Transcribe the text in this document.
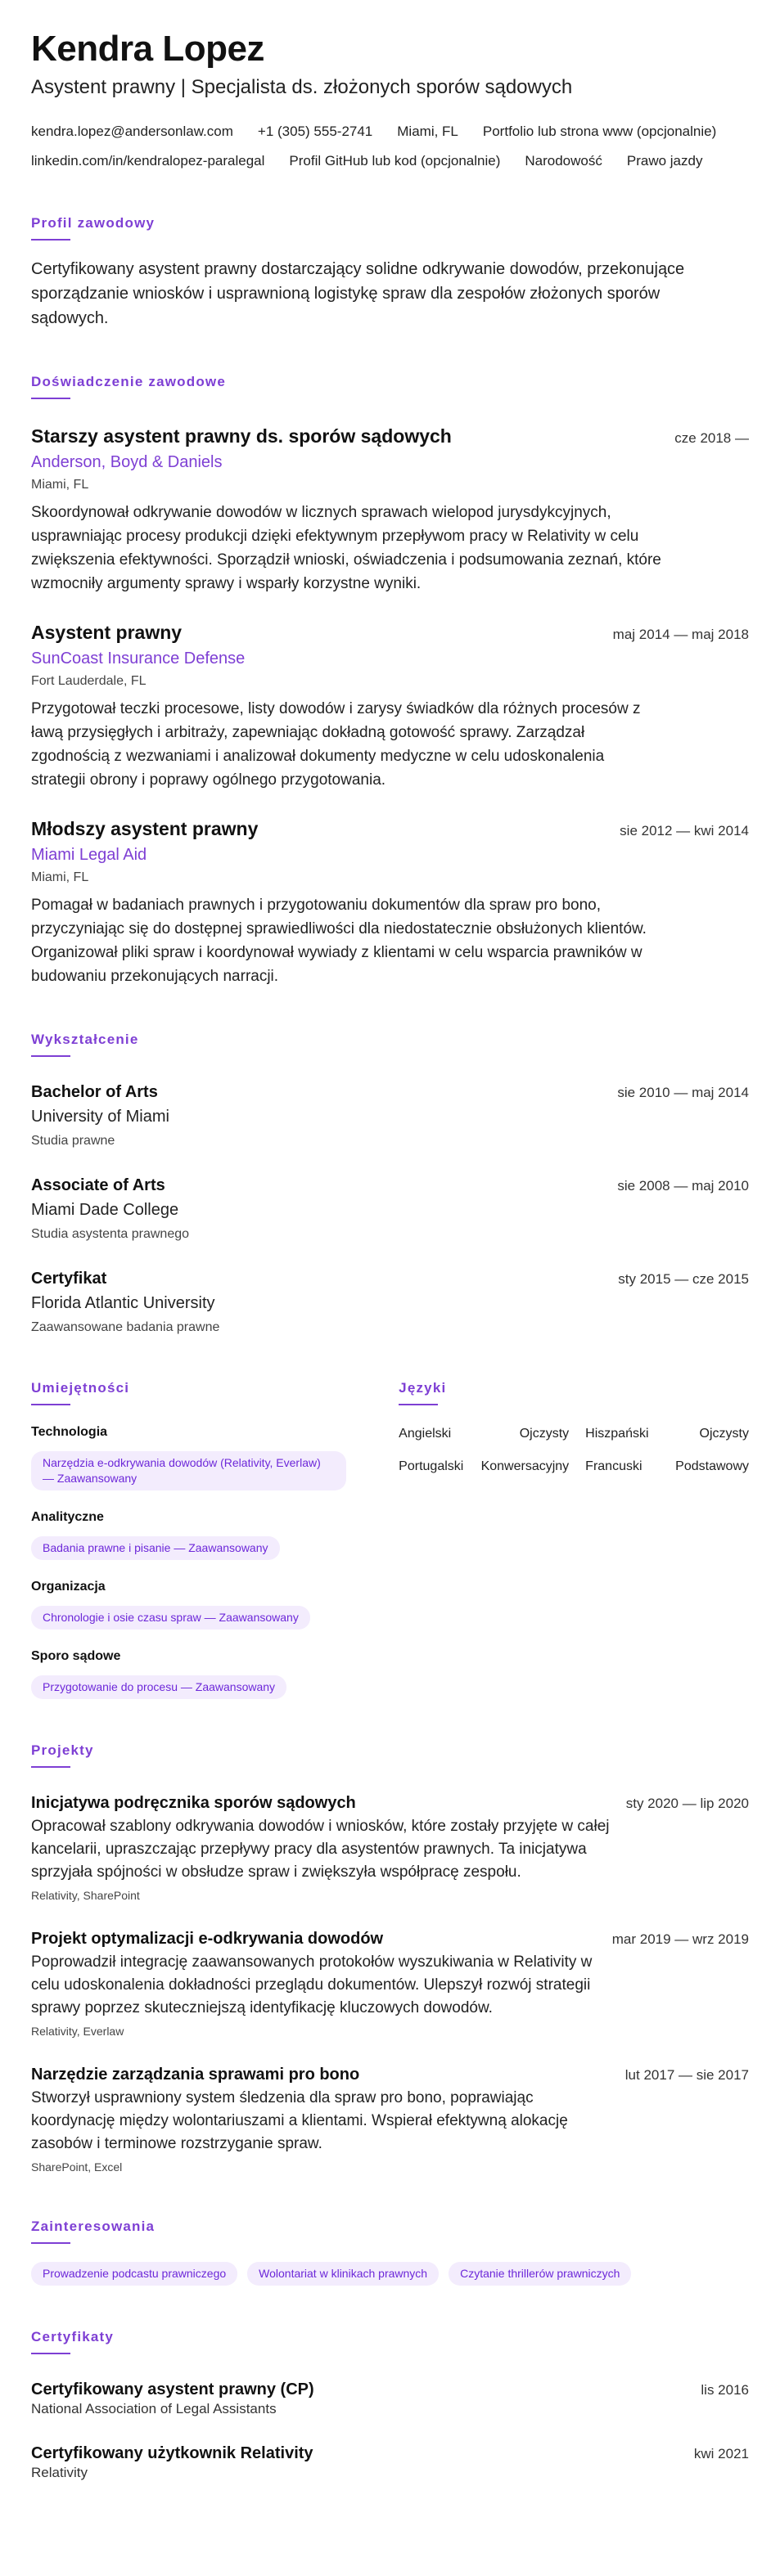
Kendra Lopez
Asystent prawny | Specjalista ds. złożonych sporów sądowych
kendra.lopez@andersonlaw.com +1 (305) 555-2741 Miami, FL Portfolio lub strona www (opcjonalnie)
linkedin.com/in/kendralopez-paralegal Profil GitHub lub kod (opcjonalnie) Narodowość Prawo jazdy
Profil zawodowy
Certyfikowany asystent prawny dostarczający solidne odkrywanie dowodów, przekonujące sporządzanie wniosków i usprawnioną logistykę spraw dla zespołów złożonych sporów sądowych.
Doświadczenie zawodowe
Starszy asystent prawny ds. sporów sądowych	cze 2018 —
Anderson, Boyd & Daniels
Miami, FL
Skoordynował odkrywanie dowodów w licznych sprawach wielopod jurysdykcyjnych, usprawniając procesy produkcji dzięki efektywnym przepływom pracy w Relativity w celu zwiększenia efektywności. Sporządził wnioski, oświadczenia i podsumowania zeznań, które wzmocniły argumenty sprawy i wsparły korzystne wyniki.
Asystent prawny	maj 2014 — maj 2018
SunCoast Insurance Defense
Fort Lauderdale, FL
Przygotował teczki procesowe, listy dowodów i zarysy świadków dla różnych procesów z ławą przysięgłych i arbitraży, zapewniając dokładną gotowość sprawy. Zarządzał zgodnością z wezwaniami i analizował dokumenty medyczne w celu udoskonalenia strategii obrony i poprawy ogólnego przygotowania.
Młodszy asystent prawny	sie 2012 — kwi 2014
Miami Legal Aid
Miami, FL
Pomagał w badaniach prawnych i przygotowaniu dokumentów dla spraw pro bono, przyczyniając się do dostępnej sprawiedliwości dla niedostatecznie obsłużonych klientów. Organizował pliki spraw i koordynował wywiady z klientami w celu wsparcia prawników w budowaniu przekonujących narracji.
Wykształcenie
Bachelor of Arts	sie 2010 — maj 2014
University of Miami
Studia prawne
Associate of Arts	sie 2008 — maj 2010
Miami Dade College
Studia asystenta prawnego
Certyfikat	sty 2015 — cze 2015
Florida Atlantic University
Zaawansowane badania prawne
Umiejętności
Technologia
Narzędzia e-odkrywania dowodów (Relativity, Everlaw) — Zaawansowany
Analityczne
Badania prawne i pisanie — Zaawansowany
Organizacja
Chronologie i osie czasu spraw — Zaawansowany
Sporo sądowe
Przygotowanie do procesu — Zaawansowany
Języki
Angielski	Ojczysty	Hiszpański	Ojczysty
Portugalski	Konwersacyjny	Francuski	Podstawowy
Projekty
Inicjatywa podręcznika sporów sądowych	sty 2020 — lip 2020
Opracował szablony odkrywania dowodów i wniosków, które zostały przyjęte w całej kancelarii, upraszczając przepływy pracy dla asystentów prawnych. Ta inicjatywa sprzyjała spójności w obsłudze spraw i zwiększyła współpracę zespołu.
Relativity, SharePoint
Projekt optymalizacji e-odkrywania dowodów	mar 2019 — wrz 2019
Poprowadził integrację zaawansowanych protokołów wyszukiwania w Relativity w celu udoskonalenia dokładności przeglądu dokumentów. Ulepszył rozwój strategii sprawy poprzez skuteczniejszą identyfikację kluczowych dowodów.
Relativity, Everlaw
Narzędzie zarządzania sprawami pro bono	lut 2017 — sie 2017
Stworzył usprawniony system śledzenia dla spraw pro bono, poprawiając koordynację między wolontariuszami a klientami. Wspierał efektywną alokację zasobów i terminowe rozstrzyganie spraw.
SharePoint, Excel
Zainteresowania
Prowadzenie podcastu prawniczego	Wolontariat w klinikach prawnych	Czytanie thrillerów prawniczych
Certyfikaty
Certyfikowany asystent prawny (CP)	lis 2016
National Association of Legal Assistants
Certyfikowany użytkownik Relativity	kwi 2021
Relativity
